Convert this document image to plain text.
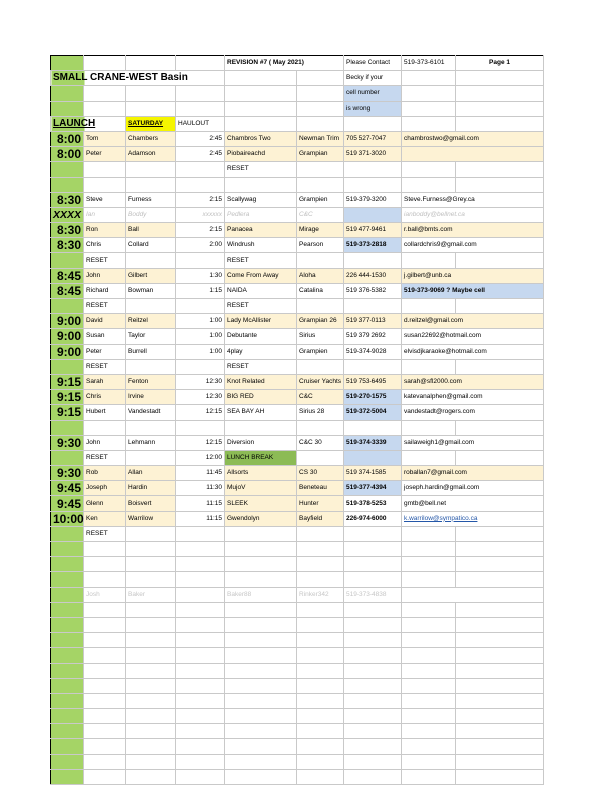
				REVISION #7 ( May 2021)		Please Contact	519-373-6101	Page 1
SMALL CRANE-WEST Basin						Becky if your		
						cell number		
						is wrong		
LAUNCH		SATURDAY	HAULOUT					
8:00	Tom	Chambers	2:45	Chambros Two	Newman Trim	705 527-7047	chambrostwo@gmail.com	
8:00	Peter	Adamson	2:45	Piobaireachd	Grampian	519 371-3020		
				RESET				

8:30	Steve	Furness	2:15	Scallywag	Grampien	519-379-3200	Steve.Furness@Grey.ca	
XXXX	Ian	Boddy	xxxxxx	Pedlera	C&C		ianboddy@bellnet.ca	
8:30	Ron	Ball	2:15	Panacea	Mirage	519 477-9461	r.ball@bmts.com	
8:30	Chris	Collard	2:00	Windrush	Pearson	519-373-2818	collardchris9@gmail.com	
	RESET			RESET				
8:45	John	Gilbert	1:30	Come From Away	Aloha	226 444-1530	j.gilbert@unb.ca	
8:45	Richard	Bowman	1:15	NAIDA	Catalina	519 376-5382	519-373-9069 ? Maybe cell	
	RESET			RESET				
9:00	David	Reitzel	1:00	Lady McAllister	Grampian 26	519 377-0113	d.reitzel@gmail.com	
9:00	Susan	Taylor	1:00	Debutante	Sirius	519 379 2692	susan22692@hotmail.com	
9:00	Peter	Burrell	1:00	4play	Grampien	519-374-9028	elvisdjkaraoke@hotmail.com	
	RESET			RESET				
9:15	Sarah	Fenton	12:30	Knot Related	Cruiser Yachts	519 753-6495	sarah@sfl2000.com	
9:15	Chris	Irvine	12:30	BIG RED	C&C	519-270-1575	katevanalphen@gmail.com	
9:15	Hubert	Vandestadt	12:15	SEA BAY AH	Sirius 28	519-372-5004	vandestadt@rogers.com	

9:30	John	Lehmann	12:15	Diversion	C&C 30	519-374-3339	sailaweigh1@gmail.com	
	RESET		12:00	LUNCH BREAK				
9:30	Rob	Allan	11:45	Allsorts	CS 30	519 374-1585	roballan7@gmail.com	
9:45	Joseph	Hardin	11:30	MujoV	Beneteau	519-377-4394	joseph.hardin@gmail.com	
9:45	Glenn	Boisvert	11:15	SLEEK	Hunter	519-378-5253	gmtb@bell.net	
10:00	Ken	Warrilow	11:15	Gwendolyn	Bayfield	226-974-6000	k.warrilow@sympatico.ca	
	RESET							

	Josh	Baker		Baker88	Rinker342	519-373-4838		
